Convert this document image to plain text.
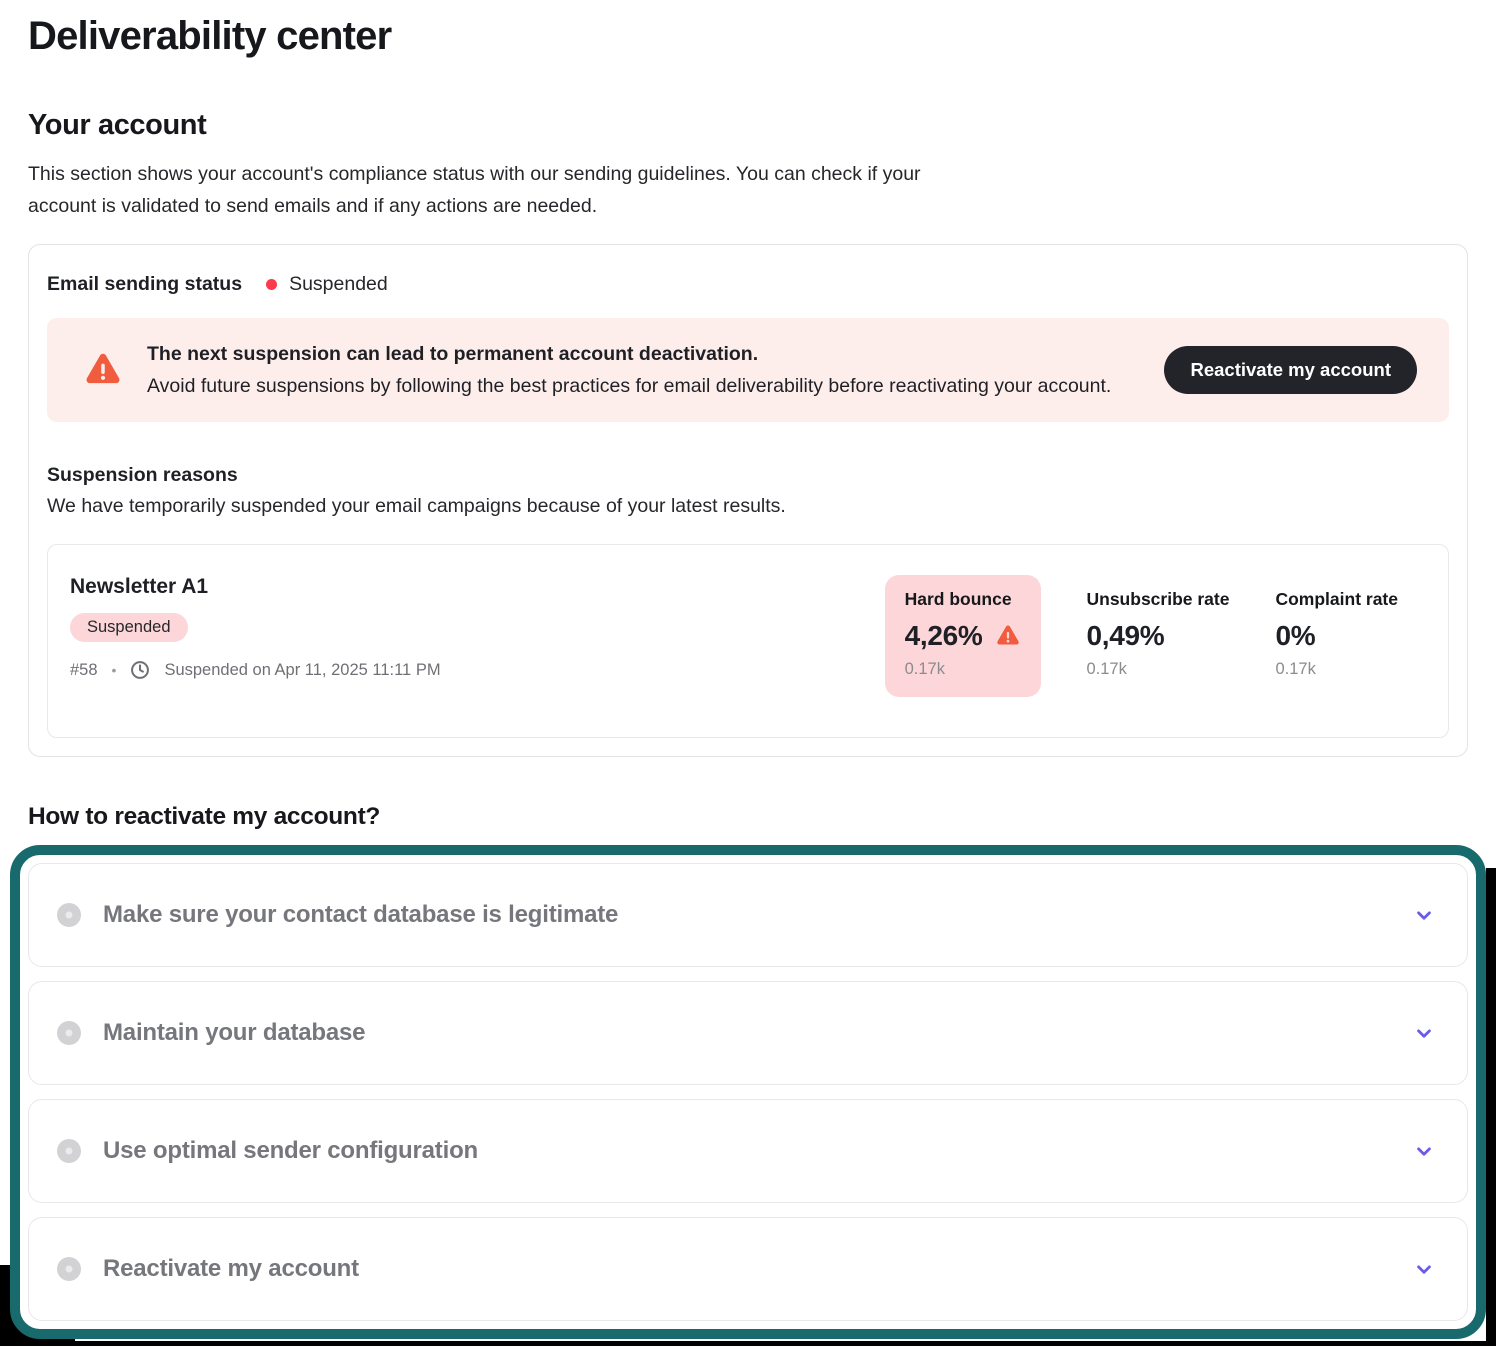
Deliverability center
Your account

This section shows your account's compliance status with our sending guidelines. You can check if your account is validated to send emails and if any actions are needed.

Email sending status Suspended
The next suspension can lead to permanent account deactivation.
Avoid future suspensions by following the best practices for email deliverability before reactivating your account.
Reactivate my account
Suspension reasons
We have temporarily suspended your email campaigns because of your latest results.
Newsletter A1
Suspended
#58 •	Suspended on Apr 11, 2025 11:11 PM
Hard bounce
4,26%
0.17k
Unsubscribe rate
0,49%
0.17k
Complaint rate
0%
0.17k
How to reactivate my account?
Make sure your contact database is legitimate
Maintain your database
Use optimal sender configuration
Reactivate my account
